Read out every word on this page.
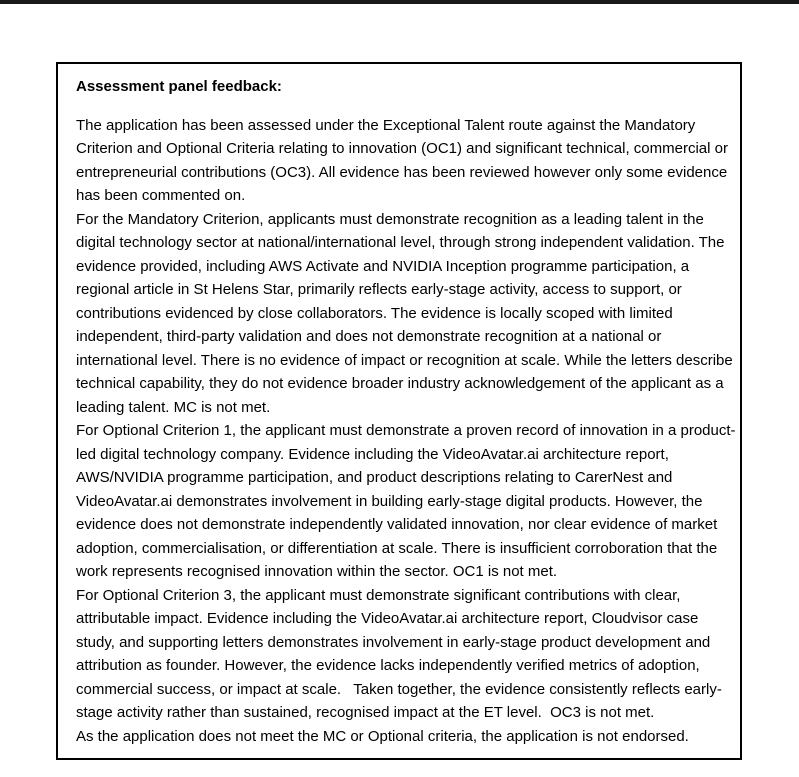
Assessment panel feedback:

The application has been assessed under the Exceptional Talent route against the Mandatory Criterion and Optional Criteria relating to innovation (OC1) and significant technical, commercial or entrepreneurial contributions (OC3). All evidence has been reviewed however only some evidence has been commented on.

For the Mandatory Criterion, applicants must demonstrate recognition as a leading talent in the digital technology sector at national/international level, through strong independent validation. The evidence provided, including AWS Activate and NVIDIA Inception programme participation, a regional article in St Helens Star, primarily reflects early-stage activity, access to support, or contributions evidenced by close collaborators. The evidence is locally scoped with limited independent, third-party validation and does not demonstrate recognition at a national or international level. There is no evidence of impact or recognition at scale. While the letters describe technical capability, they do not evidence broader industry acknowledgement of the applicant as a leading talent. MC is not met.

For Optional Criterion 1, the applicant must demonstrate a proven record of innovation in a product-led digital technology company. Evidence including the VideoAvatar.ai architecture report, AWS/NVIDIA programme participation, and product descriptions relating to CarerNest and VideoAvatar.ai demonstrates involvement in building early-stage digital products. However, the evidence does not demonstrate independently validated innovation, nor clear evidence of market adoption, commercialisation, or differentiation at scale. There is insufficient corroboration that the work represents recognised innovation within the sector. OC1 is not met.

For Optional Criterion 3, the applicant must demonstrate significant contributions with clear, attributable impact. Evidence including the VideoAvatar.ai architecture report, Cloudvisor case study, and supporting letters demonstrates involvement in early-stage product development and attribution as founder. However, the evidence lacks independently verified metrics of adoption, commercial success, or impact at scale.   Taken together, the evidence consistently reflects early-stage activity rather than sustained, recognised impact at the ET level.  OC3 is not met.

As the application does not meet the MC or Optional criteria, the application is not endorsed.
